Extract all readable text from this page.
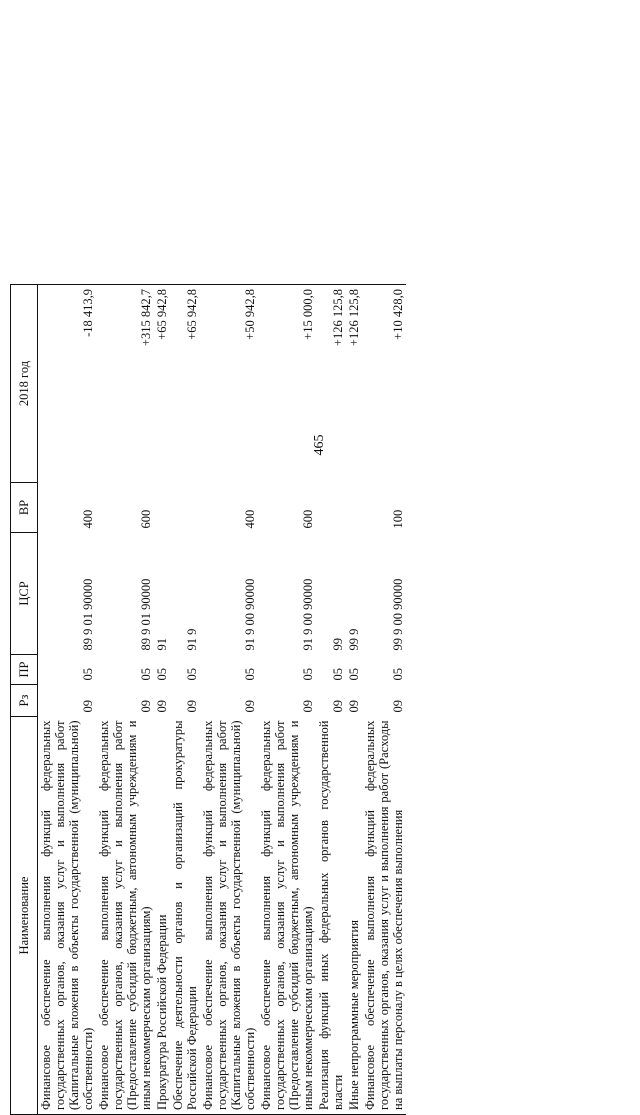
465
Наименование	Рз	ПР	ЦСР	ВР	2018 год
Финансовое обеспечение выполнения функций федеральных государственных органов, оказания услуг и выполнения работ (Капитальные вложения в объекты государственной (муниципальной) собственности)	09	05	89 9 01 90000	400	-18 413,9
Финансовое обеспечение выполнения функций федеральных государственных органов, оказания услуг и выполнения работ (Предоставление субсидий бюджетным, автономным учреждениям и иным некоммерческим организациям)	09	05	89 9 01 90000	600	+315 842,7
Прокуратура Российской Федерации	09	05	91		+65 942,8
Обеспечение деятельности органов и организаций прокуратуры Российской Федерации	09	05	91 9		+65 942,8
Финансовое обеспечение выполнения функций федеральных государственных органов, оказания услуг и выполнения работ (Капитальные вложения в объекты государственной (муниципальной) собственности)	09	05	91 9 00 90000	400	+50 942,8
Финансовое обеспечение выполнения функций федеральных государственных органов, оказания услуг и выполнения работ (Предоставление субсидий бюджетным, автономным учреждениям и иным некоммерческим организациям)	09	05	91 9 00 90000	600	+15 000,0
Реализация функций иных федеральных органов государственной власти	09	05	99		+126 125,8
Иные непрограммные мероприятия	09	05	99 9		+126 125,8
Финансовое обеспечение выполнения функций федеральных государственных органов, оказания услуг и выполнения работ (Расходы на выплаты персоналу в целях обеспечения выполнения	09	05	99 9 00 90000	100	+10 428,0
